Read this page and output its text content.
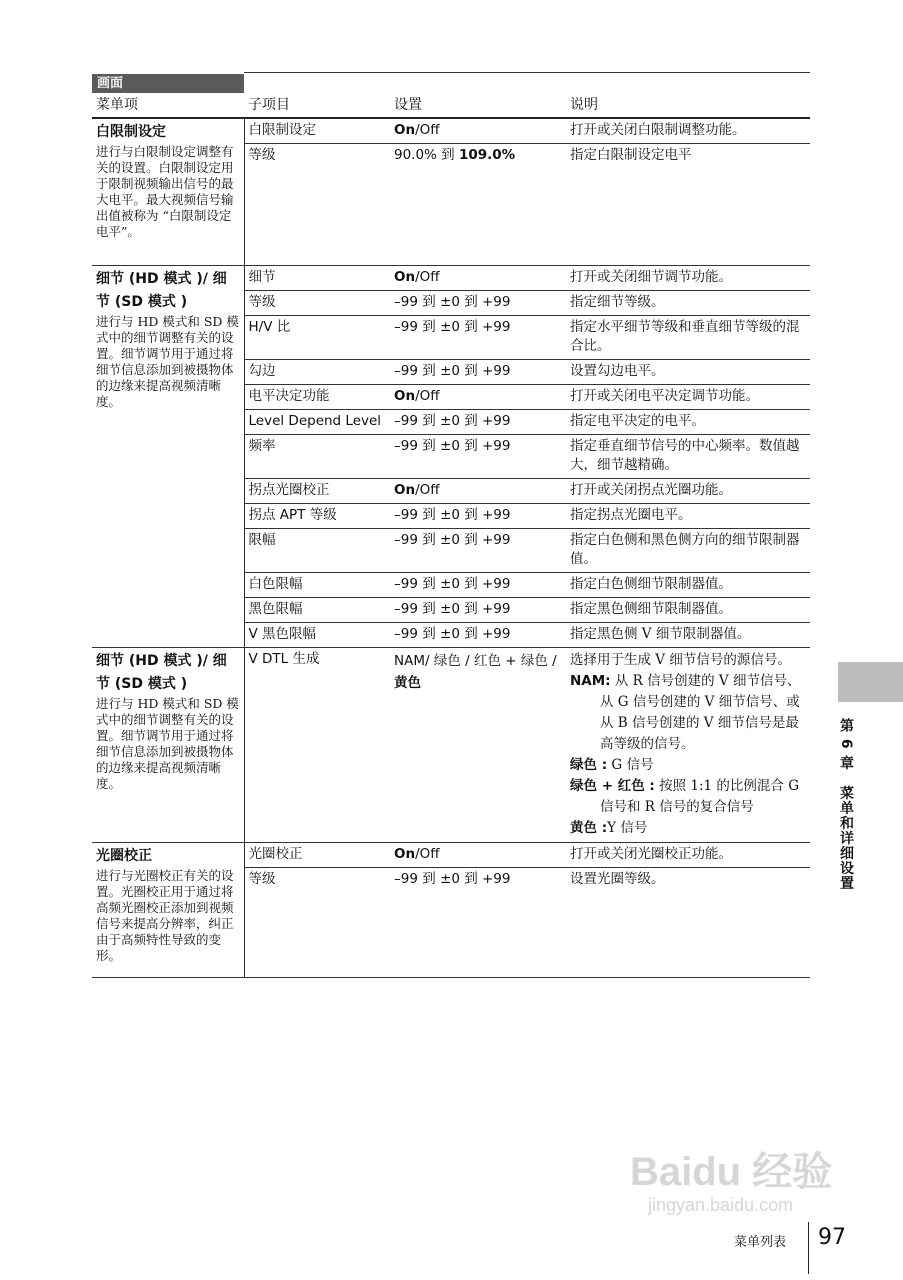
画面
菜单项	子项目	设置	说明

白限制设定
进行与白限制设定调整有关的设置。白限制设定用于限制视频输出信号的最大电平。最大视频信号输出值被称为 “白限制设定电平”。	白限制设定	On/Off	打开或关闭白限制调整功能。
	等级	90.0% 到 109.0%	指定白限制设定电平

细节 (HD 模式 )/ 细节 (SD 模式 )
进行与 HD 模式和 SD 模式中的细节调整有关的设置。细节调节用于通过将细节信息添加到被摄物体的边缘来提高视频清晰度。	细节	On/Off	打开或关闭细节调节功能。
	等级	–99 到 ±0 到 +99	指定细节等级。
	H/V 比	–99 到 ±0 到 +99	指定水平细节等级和垂直细节等级的混合比。
	勾边	–99 到 ±0 到 +99	设置勾边电平。
	电平决定功能	On/Off	打开或关闭电平决定调节功能。
	Level Depend Level	–99 到 ±0 到 +99	指定电平决定的电平。
	频率	–99 到 ±0 到 +99	指定垂直细节信号的中心频率。数值越大，细节越精确。
	拐点光圈校正	On/Off	打开或关闭拐点光圈功能。
	拐点 APT 等级	–99 到 ±0 到 +99	指定拐点光圈电平。
	限幅	–99 到 ±0 到 +99	指定白色侧和黑色侧方向的细节限制器值。
	白色限幅	–99 到 ±0 到 +99	指定白色侧细节限制器值。
	黑色限幅	–99 到 ±0 到 +99	指定黑色侧细节限制器值。
	V 黑色限幅	–99 到 ±0 到 +99	指定黑色侧 V 细节限制器值。

细节 (HD 模式 )/ 细节 (SD 模式 )
进行与 HD 模式和 SD 模式中的细节调整有关的设置。细节调节用于通过将细节信息添加到被摄物体的边缘来提高视频清晰度。	V DTL 生成	NAM/ 绿色 / 红色 + 绿色 / 黄色	选择用于生成 V 细节信号的源信号。
NAM: 从 R 信号创建的 V 细节信号、从 G 信号创建的 V 细节信号、或从 B 信号创建的 V 细节信号是最高等级的信号。
绿色 : G 信号
绿色 + 红色 : 按照 1:1 的比例混合 G 信号和 R 信号的复合信号
黄色 :Y 信号

光圈校正
进行与光圈校正有关的设置。光圈校正用于通过将高频光圈校正添加到视频信号来提高分辨率，纠正由于高频特性导致的变形。	光圈校正	On/Off	打开或关闭光圈校正功能。
	等级	–99 到 ±0 到 +99	设置光圈等级。	第 6 章　菜单和详细设置
Baidu 经验
jingyan.baidu.com
菜单列表 97
